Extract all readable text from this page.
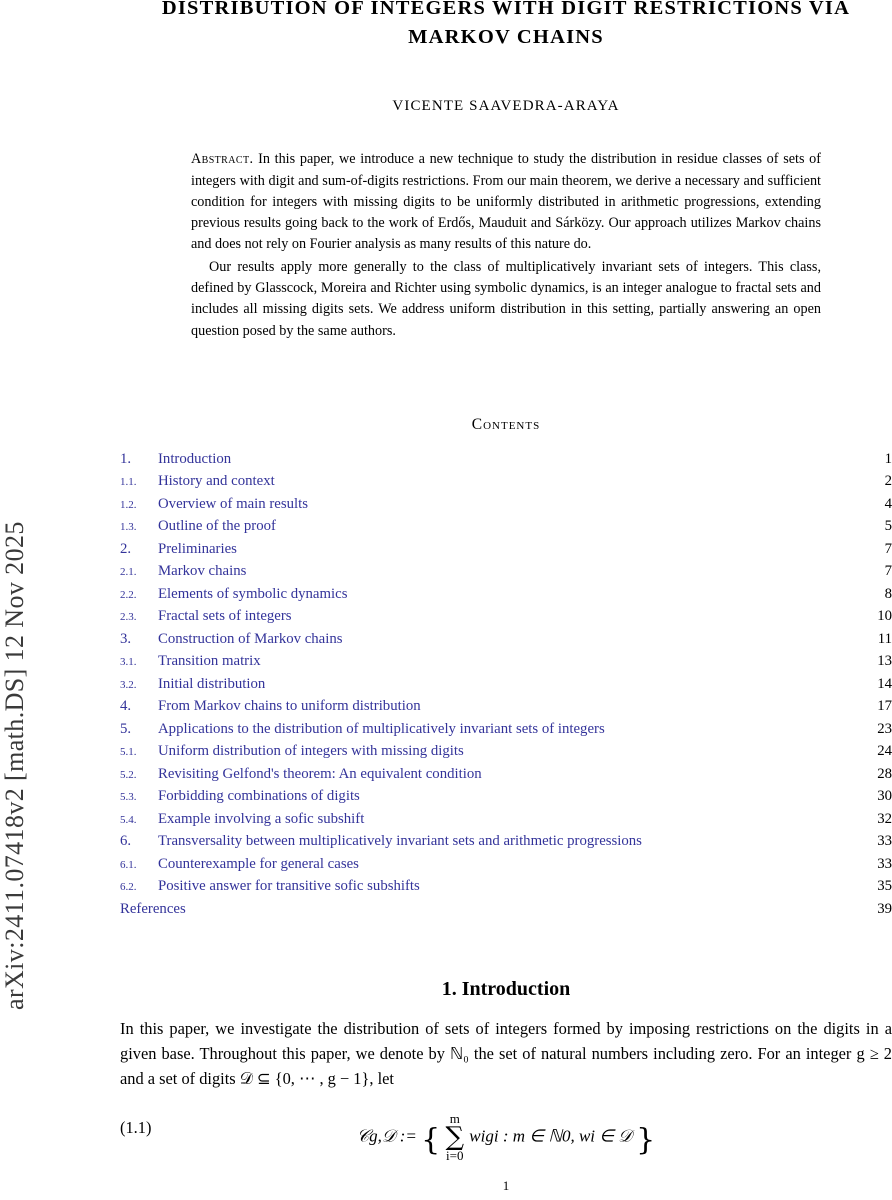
arXiv:2411.07418v2 [math.DS] 12 Nov 2025
DISTRIBUTION OF INTEGERS WITH DIGIT RESTRICTIONS VIA
MARKOV CHAINS
VICENTE SAAVEDRA-ARAYA

Abstract. In this paper, we introduce a new technique to study the distribution in residue classes of sets of integers with digit and sum-of-digits restrictions. From our main theorem, we derive a necessary and sufficient condition for integers with missing digits to be uniformly distributed in arithmetic progressions, extending previous results going back to the work of Erdős, Mauduit and Sárközy. Our approach utilizes Markov chains and does not rely on Fourier analysis as many results of this nature do.

Our results apply more generally to the class of multiplicatively invariant sets of integers. This class, defined by Glasscock, Moreira and Richter using symbolic dynamics, is an integer analogue to fractal sets and includes all missing digits sets. We address uniform distribution in this setting, partially answering an open question posed by the same authors.

Contents
1.	Introduction	1
1.1.	History and context	2
1.2.	Overview of main results	4
1.3.	Outline of the proof	5
2.	Preliminaries	7
2.1.	Markov chains	7
2.2.	Elements of symbolic dynamics	8
2.3.	Fractal sets of integers	10
3.	Construction of Markov chains	11
3.1.	Transition matrix	13
3.2.	Initial distribution	14
4.	From Markov chains to uniform distribution	17
5.	Applications to the distribution of multiplicatively invariant sets of integers	23
5.1.	Uniform distribution of integers with missing digits	24
5.2.	Revisiting Gelfond's theorem: An equivalent condition	28
5.3.	Forbidding combinations of digits	30
5.4.	Example involving a sofic subshift	32
6.	Transversality between multiplicatively invariant sets and arithmetic progressions	33
6.1.	Counterexample for general cases	33
6.2.	Positive answer for transitive sofic subshifts	35
References	39
1. Introduction
In this paper, we investigate the distribution of sets of integers formed by imposing restrictions on the digits in a given base. Throughout this paper, we denote by ℕ₀ the set of natural numbers including zero. For an integer g ≥ 2 and a set of digits 𝒟 ⊆ {0, ⋯ , g − 1}, let
(1.1)	𝒞g,𝒟 := { m
∑
i=0 wigi : m ∈ ℕ0, wi ∈ 𝒟 }
1
